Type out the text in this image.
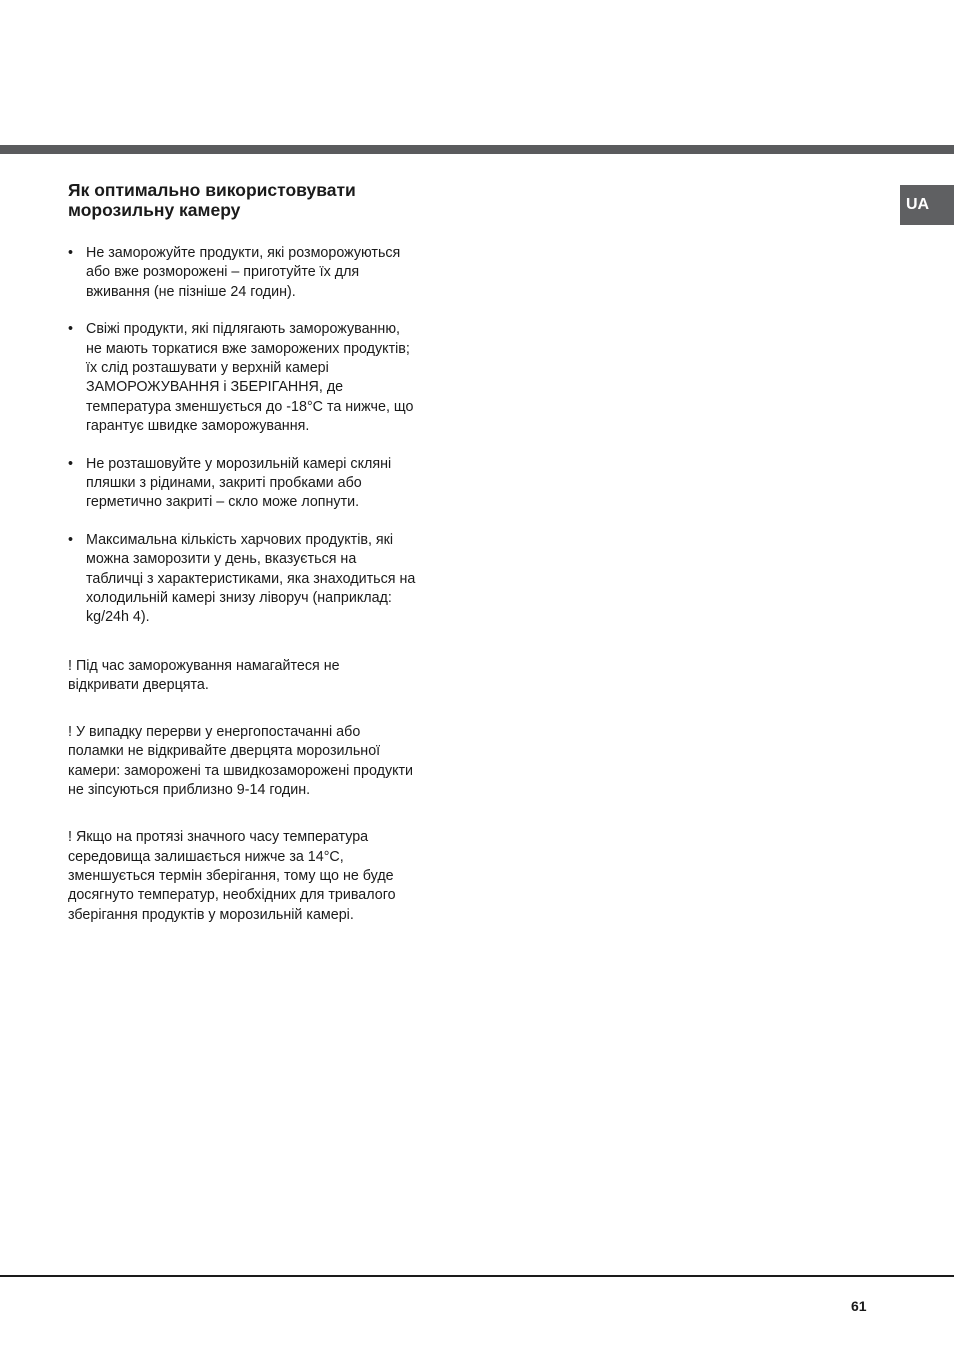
UA
Як оптимально використовувати
морозильну камеру
• Не заморожуйте продукти, які розморожуються
або вже розморожені – приготуйте їх для
вживання (не пізніше 24 годин).
• Свіжі продукти, які підлягають заморожуванню,
не мають торкатися вже заморожених продуктів;
їх слід розташувати у верхній камері
ЗАМОРОЖУВАННЯ і ЗБЕРІГАННЯ, де
температура зменшується до -18°C та нижче, що
гарантує швидке заморожування.
• Не розташовуйте у морозильній камері скляні
пляшки з рідинами, закриті пробками або
герметично закриті – скло може лопнути.
• Максимальна кількість харчових продуктів, які
можна заморозити у день, вказується на
табличці з характеристиками, яка знаходиться на
холодильній камері знизу ліворуч (наприклад:
kg/24h 4).

! Під час заморожування намагайтеся не
відкривати дверцята.

! У випадку перерви у енергопостачанні або
поламки не відкривайте дверцята морозильної
камери: заморожені та швидкозаморожені продукти
не зіпсуються приблизно 9-14 годин.

! Якщо на протязі значного часу температура
середовища залишається нижче за 14°C,
зменшується термін зберігання, тому що не буде
досягнуто температур, необхідних для тривалого
зберігання продуктів у морозильній камері.

61
